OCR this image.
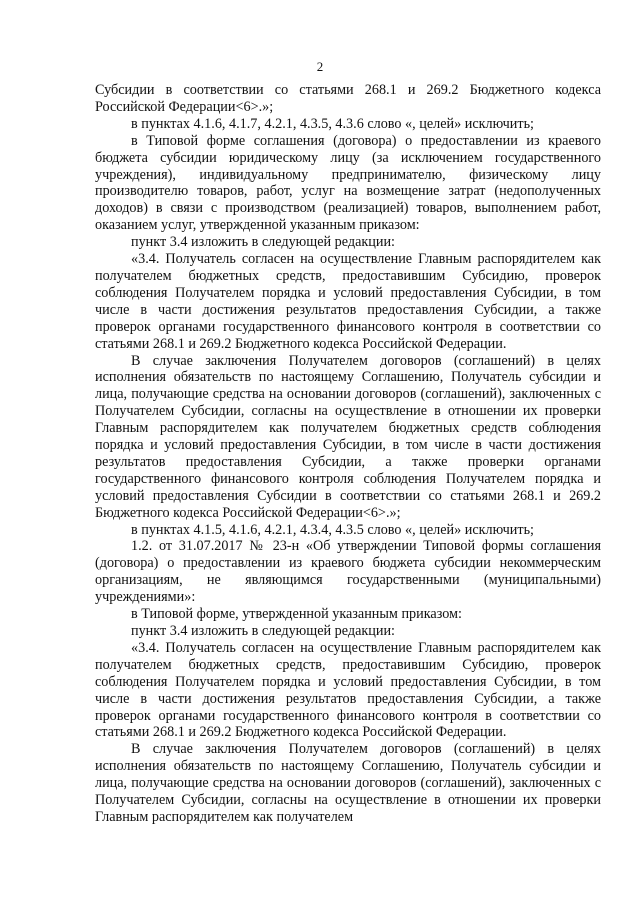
2

Субсидии в соответствии со статьями 268.1 и 269.2 Бюджетного кодекса Российской Федерации<6>.»;

в пунктах 4.1.6, 4.1.7, 4.2.1, 4.3.5, 4.3.6 слово «, целей» исключить;

в Типовой форме соглашения (договора) о предоставлении из краевого бюджета субсидии юридическому лицу (за исключением государственного учреждения), индивидуальному предпринимателю, физическому лицу производителю товаров, работ, услуг на возмещение затрат (недополученных доходов) в связи с производством (реализацией) товаров, выполнением работ, оказанием услуг, утвержденной указанным приказом:

пункт 3.4 изложить в следующей редакции:

«3.4. Получатель согласен на осуществление Главным распорядителем как получателем бюджетных средств, предоставившим Субсидию, проверок соблюдения Получателем порядка и условий предоставления Субсидии, в том числе в части достижения результатов предоставления Субсидии, а также проверок органами государственного финансового контроля в соответствии со статьями 268.1 и 269.2 Бюджетного кодекса Российской Федерации.

В случае заключения Получателем договоров (соглашений) в целях исполнения обязательств по настоящему Соглашению, Получатель субсидии и лица, получающие средства на основании договоров (соглашений), заключенных с Получателем Субсидии, согласны на осуществление в отношении их проверки Главным распорядителем как получателем бюджетных средств соблюдения порядка и условий предоставления Субсидии, в том числе в части достижения результатов предоставления Субсидии, а также проверки органами государственного финансового контроля соблюдения Получателем порядка и условий предоставления Субсидии в соответствии со статьями 268.1 и 269.2 Бюджетного кодекса Российской Федерации<6>.»;

в пунктах 4.1.5, 4.1.6, 4.2.1, 4.3.4, 4.3.5 слово «, целей» исключить;

1.2. от 31.07.2017 № 23-н «Об утверждении Типовой формы соглашения (договора) о предоставлении из краевого бюджета субсидии некоммерческим организациям, не являющимся государственными (муниципальными) учреждениями»:

в Типовой форме, утвержденной указанным приказом:

пункт 3.4 изложить в следующей редакции:

«3.4. Получатель согласен на осуществление Главным распорядителем как получателем бюджетных средств, предоставившим Субсидию, проверок соблюдения Получателем порядка и условий предоставления Субсидии, в том числе в части достижения результатов предоставления Субсидии, а также проверок органами государственного финансового контроля в соответствии со статьями 268.1 и 269.2 Бюджетного кодекса Российской Федерации.

В случае заключения Получателем договоров (соглашений) в целях исполнения обязательств по настоящему Соглашению, Получатель субсидии и лица, получающие средства на основании договоров (соглашений), заключенных с Получателем Субсидии, согласны на осуществление в отношении их проверки Главным распорядителем как получателем
